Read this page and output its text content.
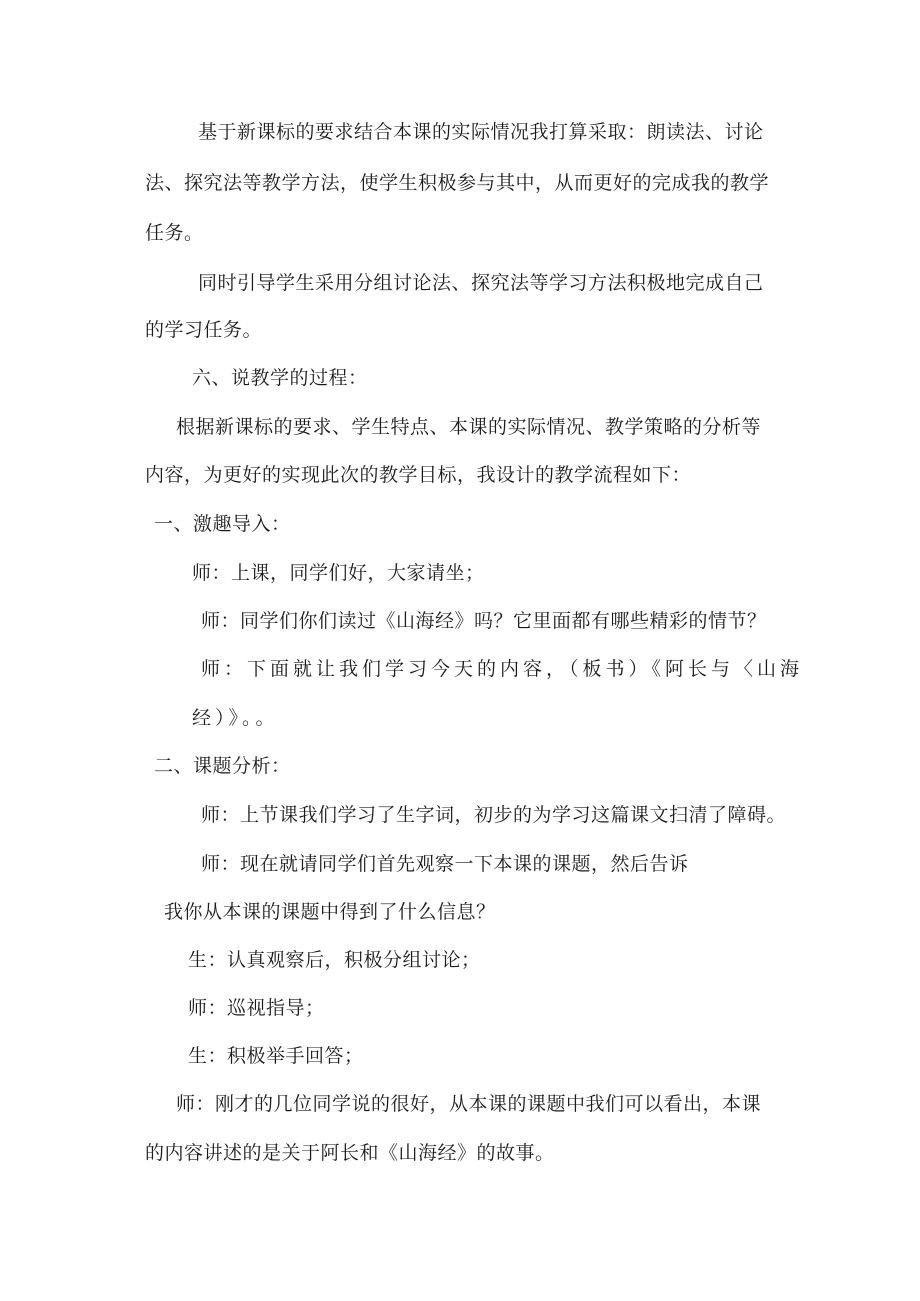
基于新课标的要求结合本课的实际情况我打算采取：朗读法、讨论
法、探究法等教学方法，使学生积极参与其中，从而更好的完成我的教学
任务。
同时引导学生采用分组讨论法、探究法等学习方法积极地完成自己
的学习任务。
六、说教学的过程：
根据新课标的要求、学生特点、本课的实际情况、教学策略的分析等
内容，为更好的实现此次的教学目标，我设计的教学流程如下：
一、激趣导入：
师：上课，同学们好，大家请坐；
师：同学们你们读过《山海经》吗？它里面都有哪些精彩的情节？
师：下面就让我们学习今天的内容，（板书）《阿长与〈山海
经）》。。
二、课题分析：
师：上节课我们学习了生字词，初步的为学习这篇课文扫清了障碍。
师：现在就请同学们首先观察一下本课的课题，然后告诉
我你从本课的课题中得到了什么信息？
生：认真观察后，积极分组讨论；
师：巡视指导；
生：积极举手回答；
师：刚才的几位同学说的很好，从本课的课题中我们可以看出，本课
的内容讲述的是关于阿长和《山海经》的故事。
